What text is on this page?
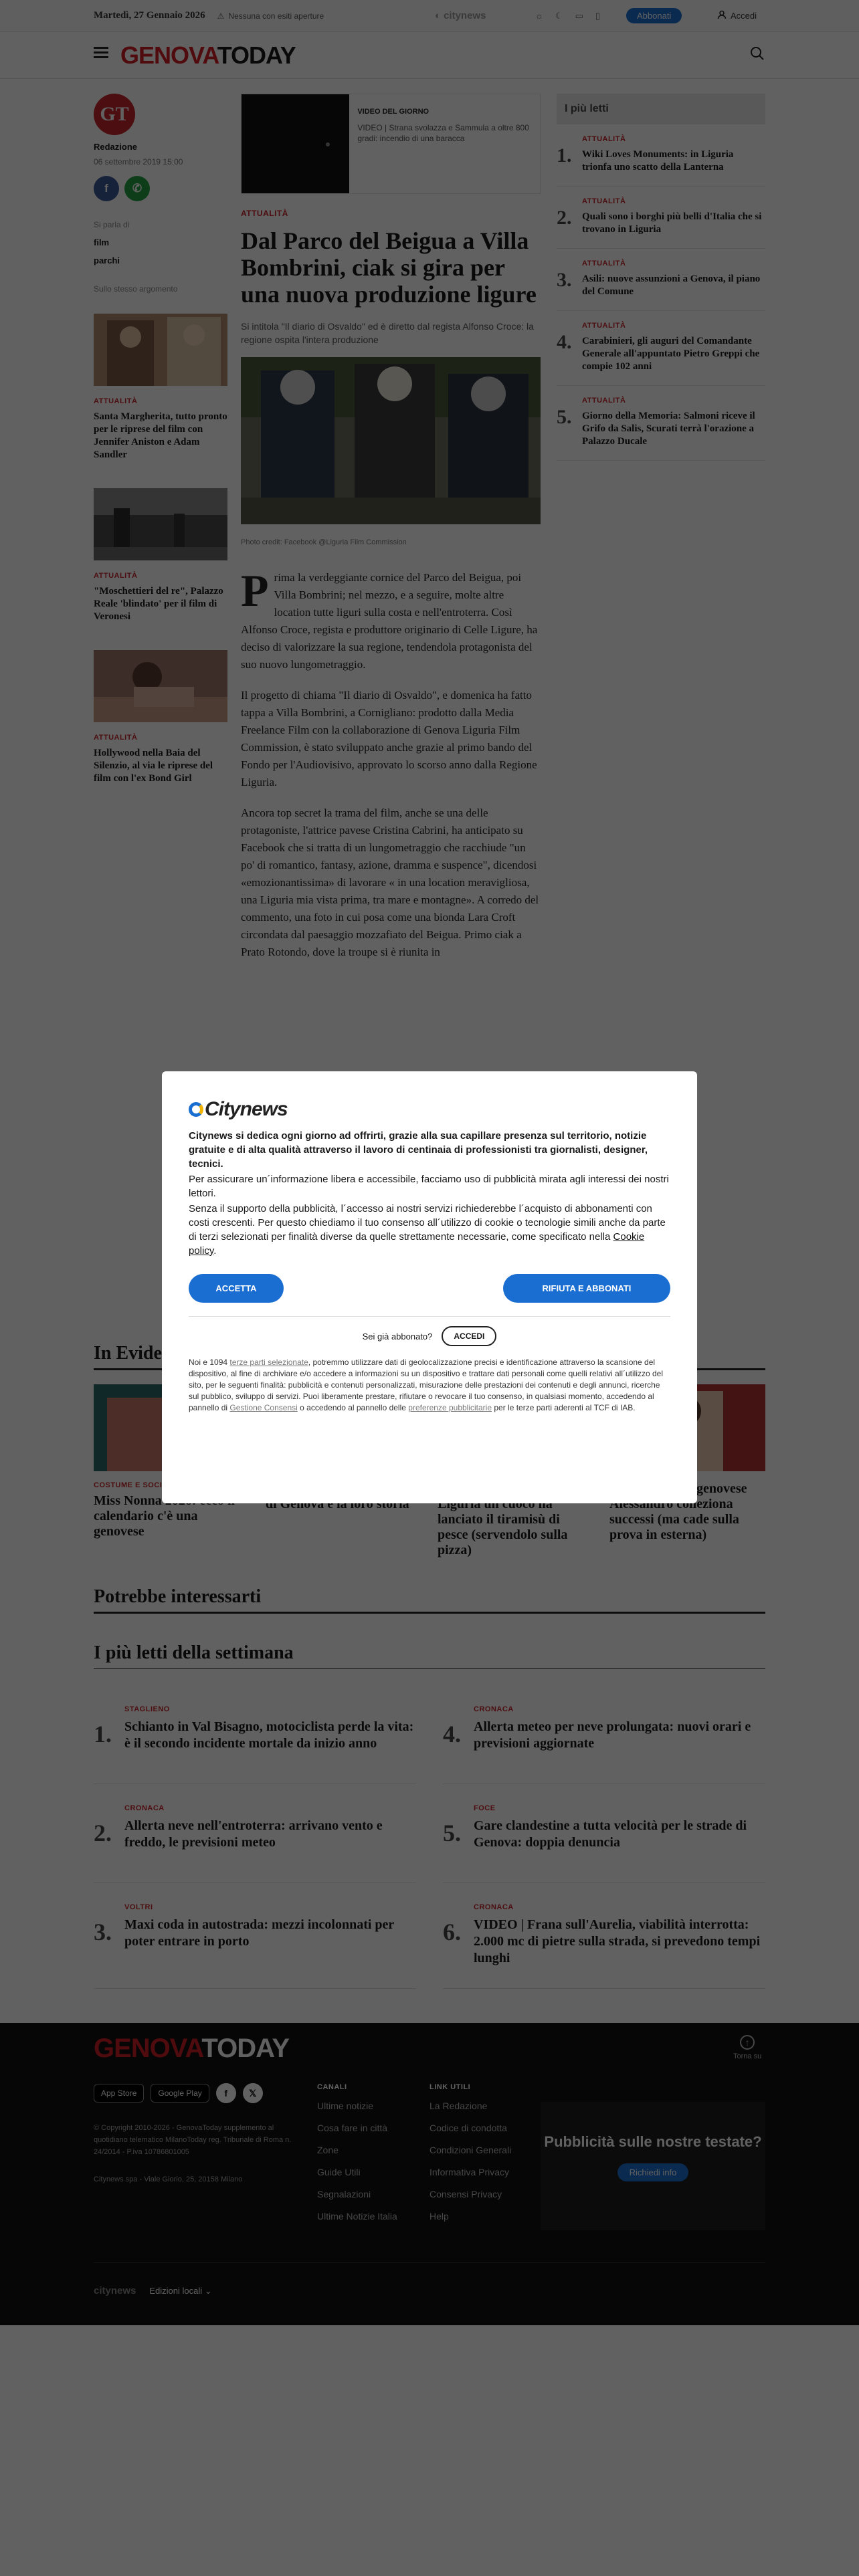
Citynews
Citynews si dedica ogni giorno ad offrirti, grazie alla sua capillare presenza sul territorio, notizie gratuite e di alta qualità attraverso il lavoro di centinaia di professionisti tra giornalisti, designer, tecnici.
Per assicurare un´informazione libera e accessibile, facciamo uso di pubblicità mirata agli interessi dei nostri lettori.
Senza il supporto della pubblicità, l´accesso ai nostri servizi richiederebbe l´acquisto di abbonamenti con costi crescenti. Per questo chiediamo il tuo consenso all´utilizzo di cookie o tecnologie simili anche da parte di terzi selezionati per finalità diverse da quelle strettamente necessarie, come specificato nella Cookie policy.
ACCETTA	RIFIUTA E ABBONATI
Sei già abbonato?	ACCEDI
Noi e 1094 terze parti selezionate, potremmo utilizzare dati di geolocalizzazione precisi e identificazione attraverso la scansione del dispositivo, al fine di archiviare e/o accedere a informazioni su un dispositivo e trattare dati personali come quelli relativi all´utilizzo del sito, per le seguenti finalità: pubblicità e contenuti personalizzati, misurazione delle prestazioni dei contenuti e degli annunci, ricerche sul pubblico, sviluppo di servizi. Puoi liberamente prestare, rifiutare o revocare il tuo consenso, in qualsiasi momento, accedendo al pannello di Gestione Consensi o accedendo al pannello delle preferenze pubblicitarie per le terze parti aderenti al TCF di IAB.
